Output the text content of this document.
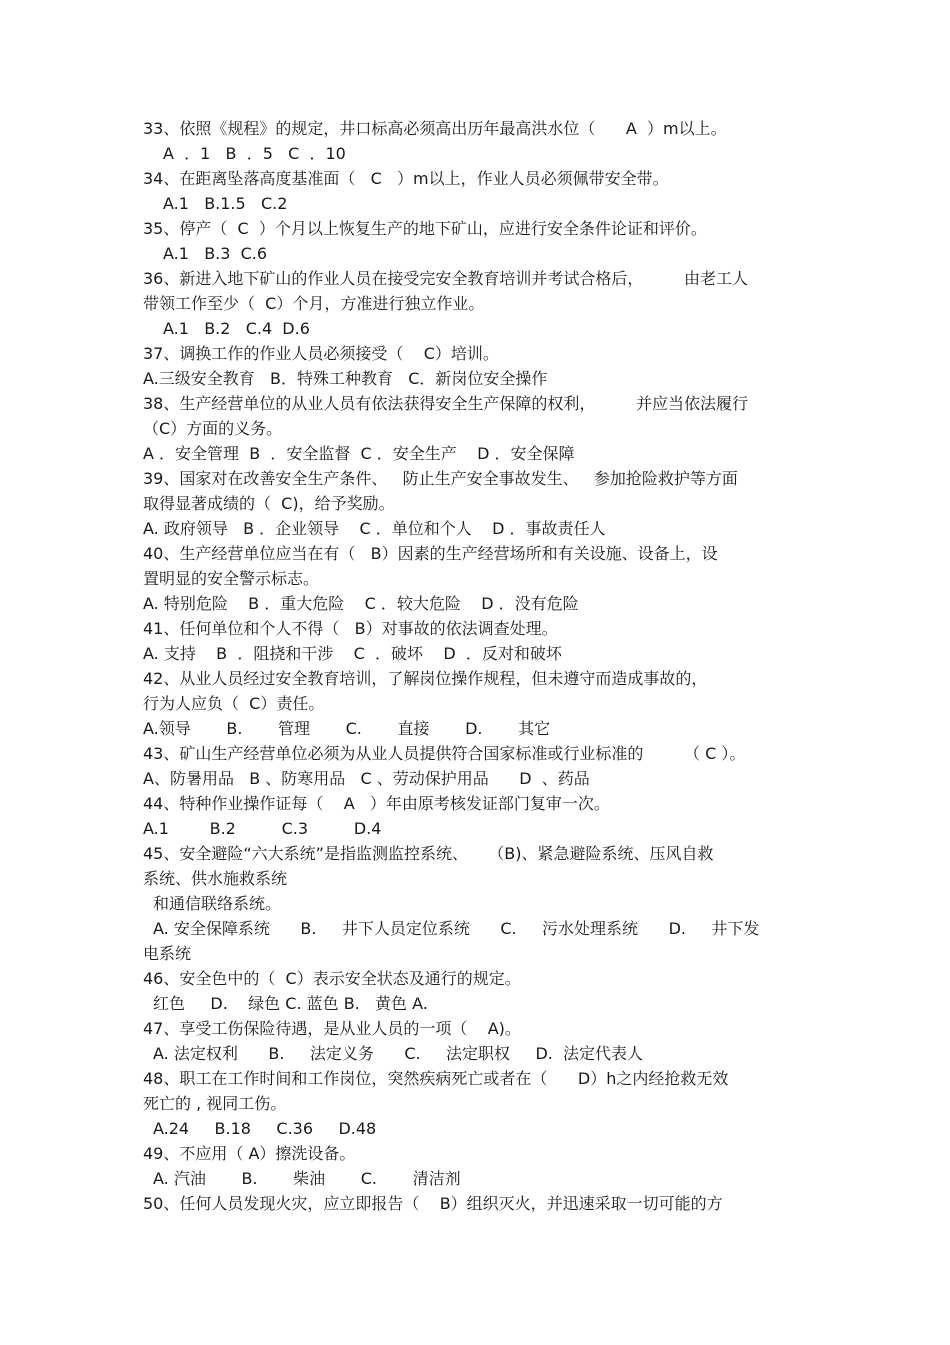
33、依照《规程》的规定，井口标高必须高出历年最高洪水位（      A  ）m以上。
A  ．1   B  ．5   C  ．10
34、在距离坠落高度基准面（   C   ）m以上，作业人员必须佩带安全带。
A.1   B.1.5   C.2
35、停产（  C  ）个月以上恢复生产的地下矿山，应进行安全条件论证和评价。
A.1   B.3  C.6
36、新进入地下矿山的作业人员在接受完安全教育培训并考试合格后，        由老工人
带领工作至少（  C）个月，方准进行独立作业。
A.1   B.2   C.4  D.6
37、调换工作的作业人员必须接受（    C）培训。
A.三级安全教育   B．特殊工种教育   C．新岗位安全操作
38、生产经营单位的从业人员有依法获得安全生产保障的权利，        并应当依法履行
（C）方面的义务。
A ．安全管理  B  ．安全监督  C ．安全生产    D ．安全保障
39、国家对在改善安全生产条件、   防止生产安全事故发生、   参加抢险救护等方面
取得显著成绩的（  C)，给予奖励。
A. 政府领导   B ．企业领导    C ．单位和个人    D ．事故责任人
40、生产经营单位应当在有（   B）因素的生产经营场所和有关设施、设备上，设
置明显的安全警示标志。
A. 特别危险    B ．重大危险    C ．较大危险    D ．没有危险
41、任何单位和个人不得（   B）对事故的依法调查处理。
A. 支持    B  ．阻挠和干涉    C  ．破坏    D  ．反对和破坏
42、从业人员经过安全教育培训，了解岗位操作规程，但未遵守而造成事故的，
行为人应负（  C）责任。
A.领导       B.       管理       C.       直接       D.       其它
43、矿山生产经营单位必须为从业人员提供符合国家标准或行业标准的        （ C ）。
A、防暑用品   B 、防寒用品   C 、劳动保护用品      D  、药品
44、特种作业操作证每（    A   ）年由原考核发证部门复审一次。
A.1        B.2         C.3         D.4
45、安全避险“六大系统”是指监测监控系统、    （B)、紧急避险系统、压风自救
系统、供水施救系统
和通信联络系统。
A. 安全保障系统      B.     井下人员定位系统      C.     污水处理系统      D.     井下发
电系统
46、安全色中的（  C）表示安全状态及通行的规定。
红色     D.    绿色 C. 蓝色 B.   黄色 A.
47、享受工伤保险待遇，是从业人员的一项（    A)。
A. 法定权利      B.     法定义务      C.     法定职权     D.  法定代表人
48、职工在工作时间和工作岗位，突然疾病死亡或者在（      D）h之内经抢救无效
死亡的 , 视同工伤。
A.24     B.18     C.36     D.48
49、不应用（ A）擦洗设备。
A. 汽油       B.       柴油       C.       清洁剂
50、任何人员发现火灾，应立即报告（    B）组织灭火，并迅速采取一切可能的方
